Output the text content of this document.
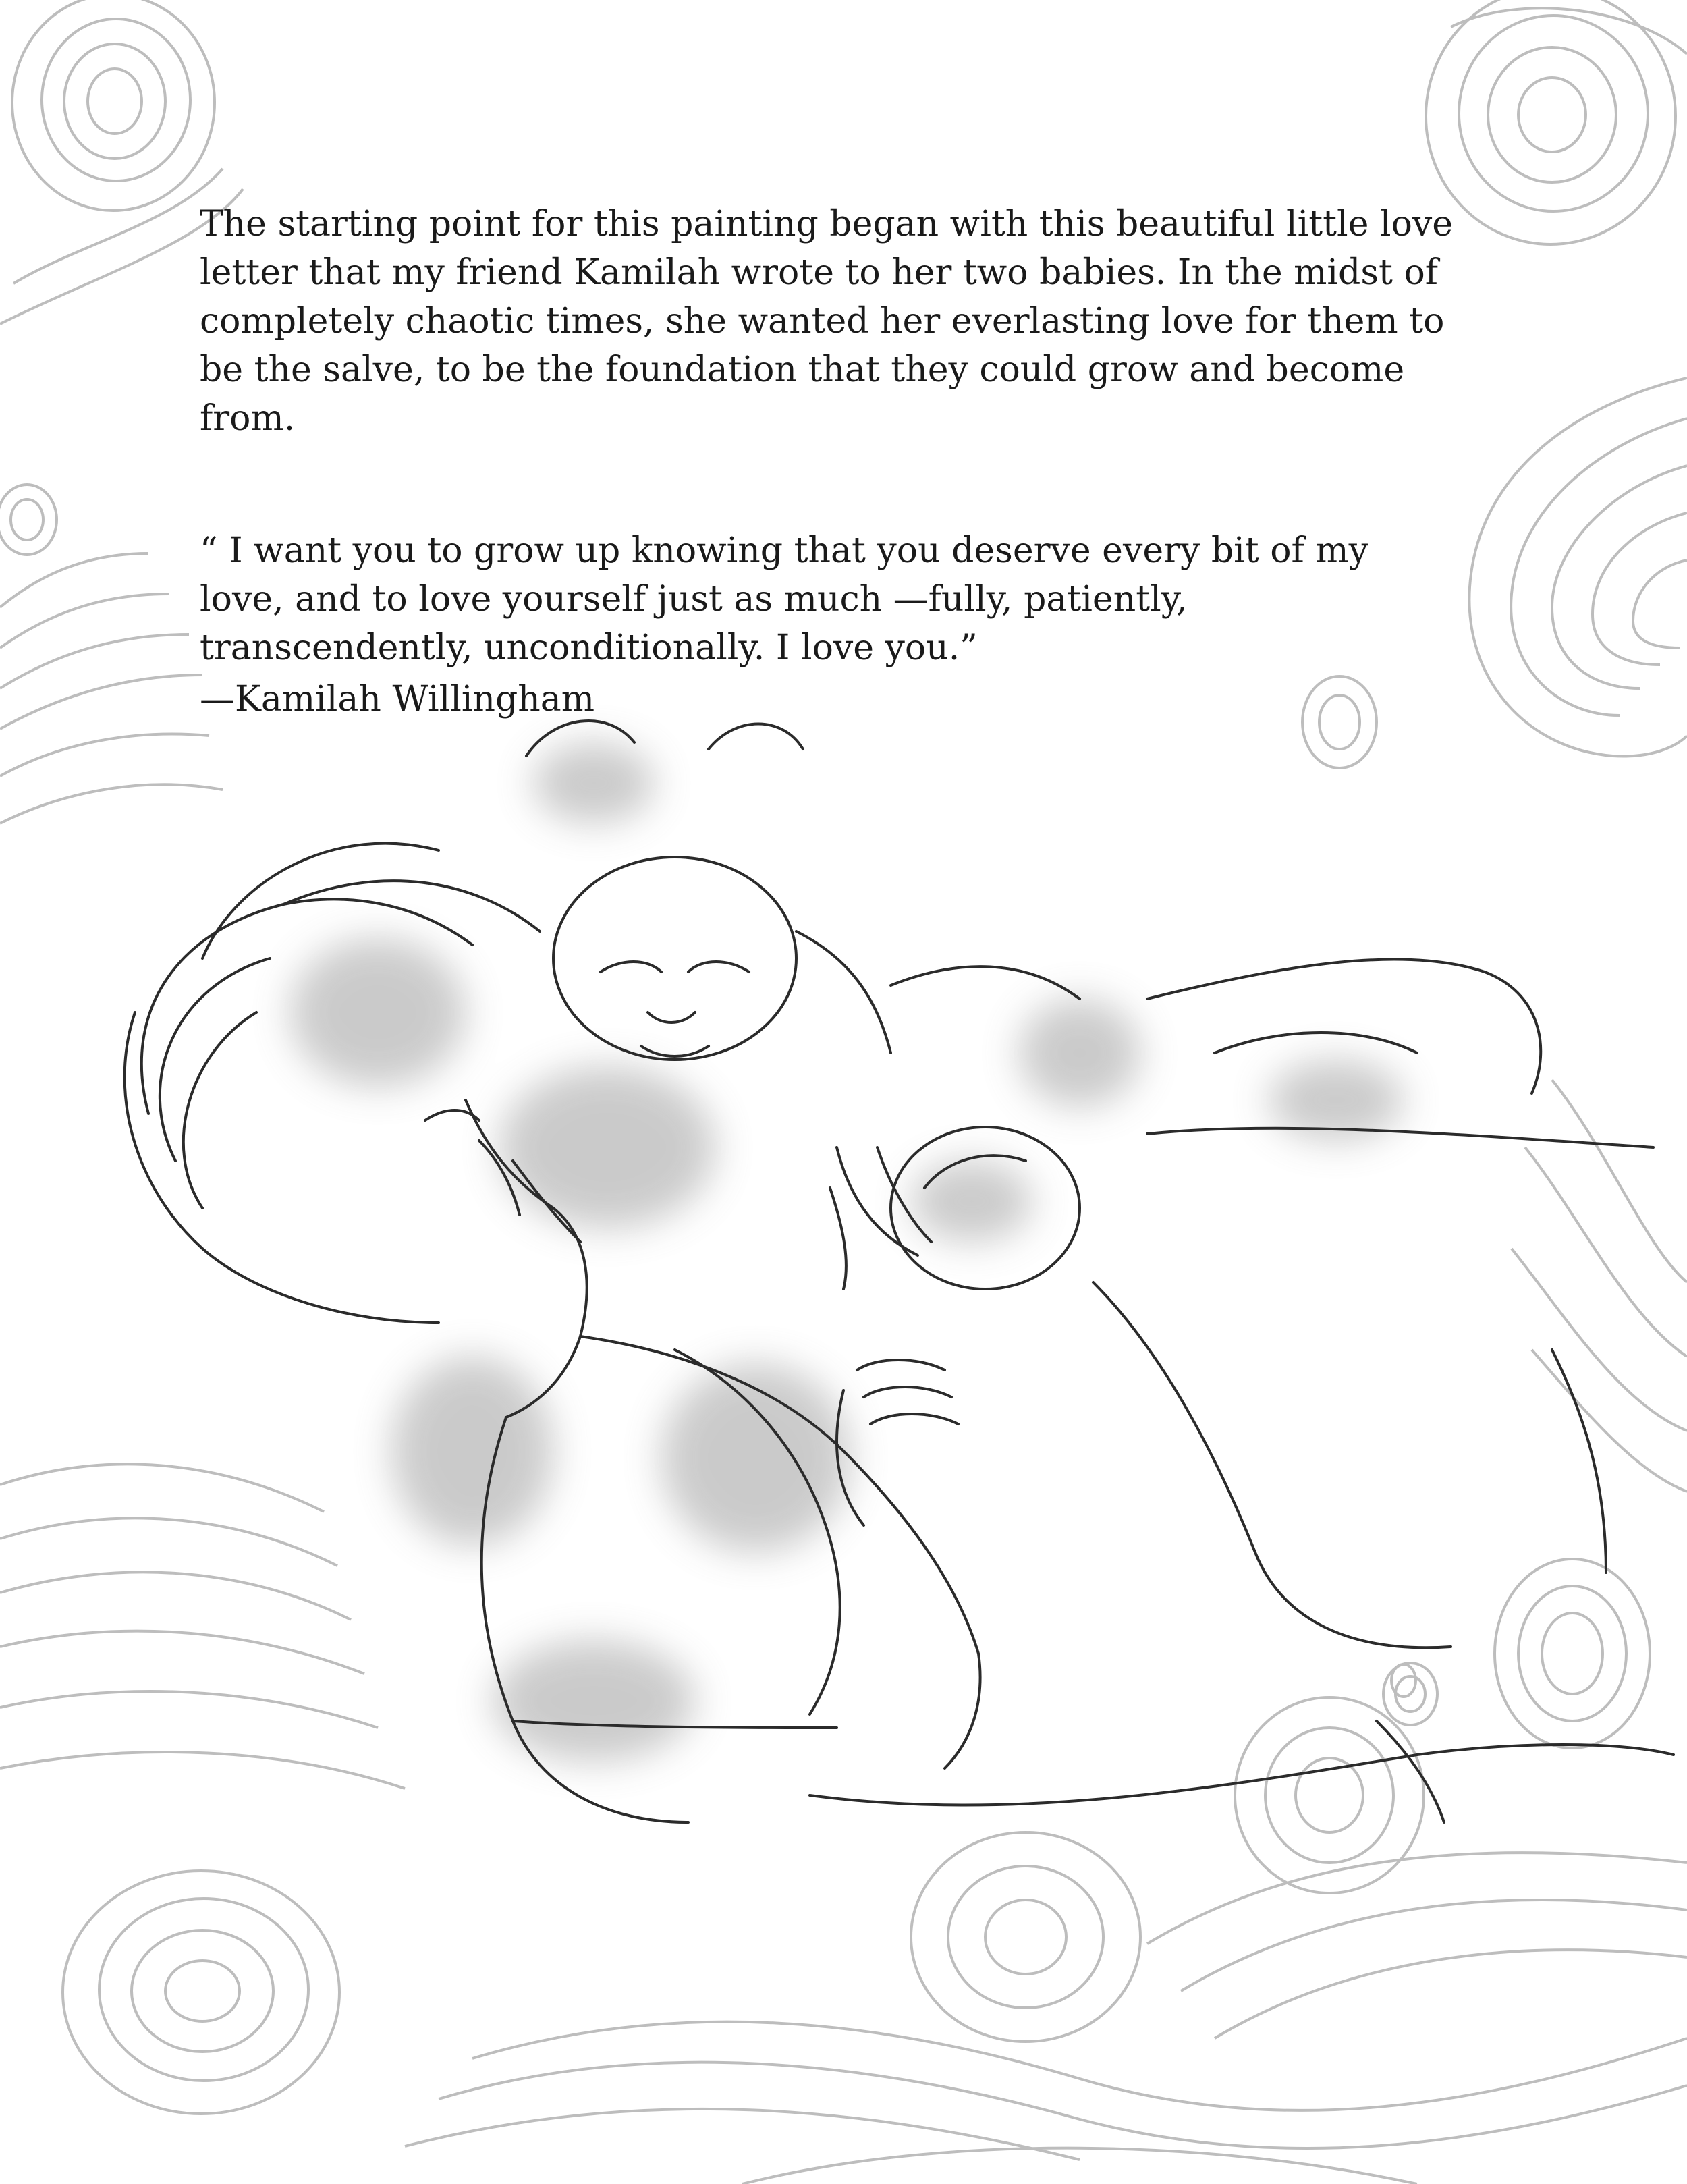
The starting point for this painting began with this beautiful little love
letter that my friend Kamilah wrote to her two babies. In the midst of
completely chaotic times, she wanted her everlasting love for them to
be the salve, to be the foundation that they could grow and become
from.
“ I want you to grow up knowing that you deserve every bit of my
love, and to love yourself just as much —fully, patiently,
transcendently, unconditionally. I love you.”
—Kamilah Willingham
